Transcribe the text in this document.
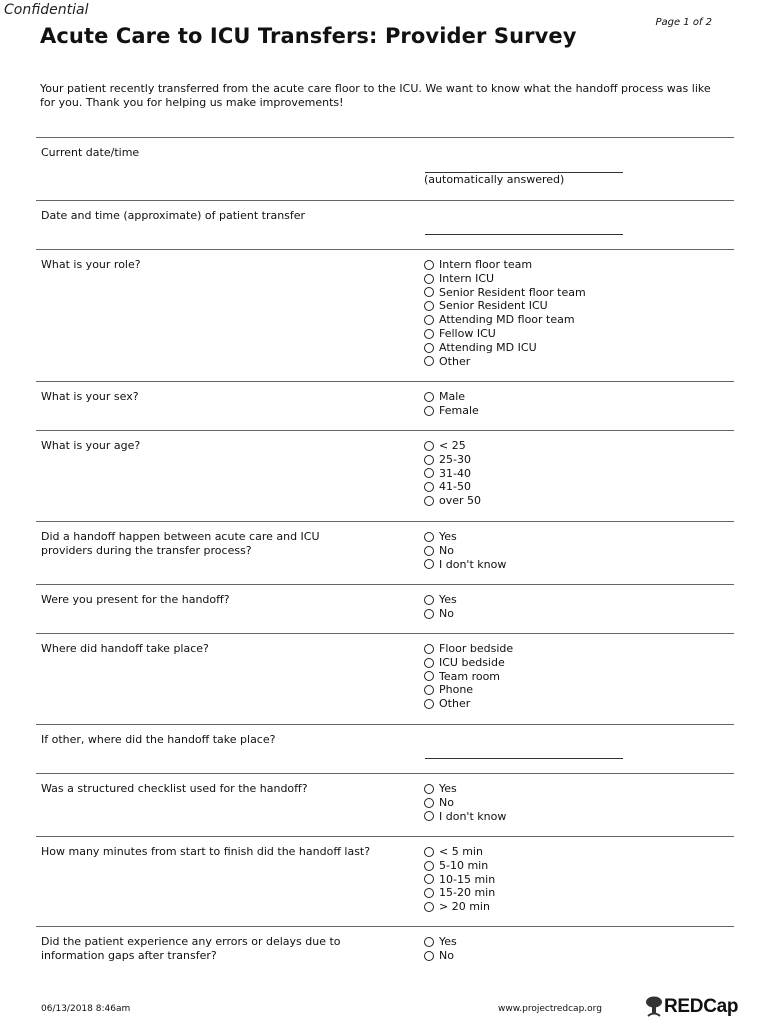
Confidential
Page 1 of 2
Acute Care to ICU Transfers: Provider Survey
Your patient recently transferred from the acute care floor to the ICU. We want to know what the handoff process was like for you. Thank you for helping us make improvements!
Current date/time
(automatically answered)
Date and time (approximate) of patient transfer
What is your role?	Intern floor team
Intern ICU
Senior Resident floor team
Senior Resident ICU
Attending MD floor team
Fellow ICU
Attending MD ICU
Other
What is your sex?	Male
Female
What is your age?	< 25
25-30
31-40
41-50
over 50
Did a handoff happen between acute care and ICU providers during the transfer process?
Yes
No
I don't know
Were you present for the handoff?	Yes
No
Where did handoff take place?	Floor bedside
ICU bedside
Team room
Phone
Other
If other, where did the handoff take place?
Was a structured checklist used for the handoff?	Yes
No
I don't know
How many minutes from start to finish did the handoff last?	< 5 min
5-10 min
10-15 min
15-20 min
> 20 min
Did the patient experience any errors or delays due to information gaps after transfer?
Yes
No
06/13/2018 8:46am	www.projectredcap.org	REDCap
